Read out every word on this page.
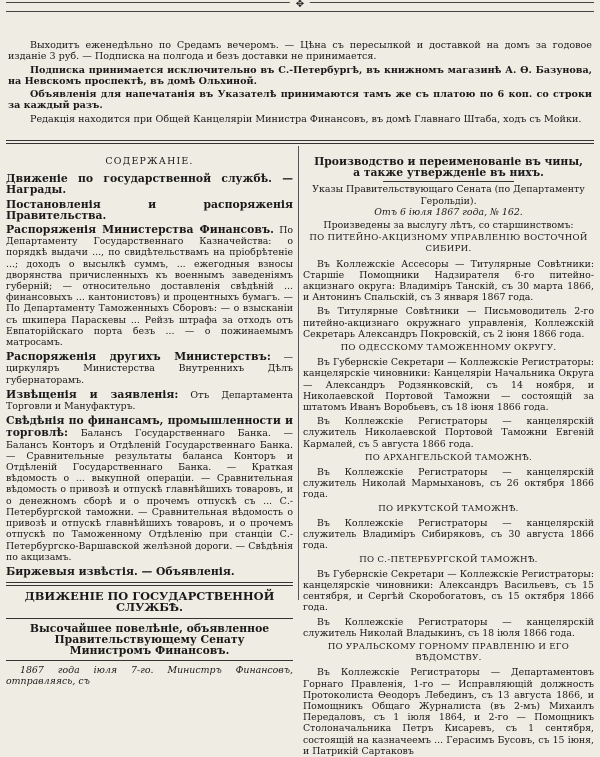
✥

Выходитъ еженедѣльно по Средамъ вечеромъ. — Цѣна съ пересылкой и доставкой на домъ за годовое изданіе 3 руб. — Подписка на полгода и безъ доставки не принимается.

Подписка принимается исключительно въ С.-Петербургѣ, въ книжномъ магазинѣ А. Ѳ. Базунова, на Невскомъ проспектѣ, въ домѣ Ольхиной.

Объявленія для напечатанія въ Указателѣ принимаются тамъ же съ платою по 6 коп. со строки за каждый разъ.

Редакція находится при Общей Канцеляріи Министра Финансовъ, въ домѣ Главнаго Штаба, ходъ съ Мойки.

СОДЕРЖАНІЕ.
Движеніе по государственной службѣ. — Награды.
Постановленія и распоряженія Правительства.
Распоряженія Министерства Финансовъ. По Департаменту Государственнаго Казначейства: о порядкѣ выдачи ..., по свидѣтельствамъ на пріобрѣтеніе ...; доходъ о высылкѣ суммъ, ... ежегодныя взносы дворянства причисленныхъ къ военнымъ заведеніямъ губерній; — относительно доставленія свѣдѣній ... финансовыхъ ... кантонистовъ) и процентныхъ бумагъ. — По Департаменту Таможенныхъ Сборовъ: — о взысканіи съ шкипера Параскевы ... Рейзъ штрафа за отходъ отъ Евпаторійскаго порта безъ ... — о пожинаемымъ матросамъ.
Распоряженія другихъ Министерствъ: — циркуляръ Министерства Внутреннихъ Дѣлъ губернаторамъ.
Извѣщенія и заявленія: Отъ Департамента Торговли и Мануфактуръ.
Свѣдѣнія по финансамъ, промышленности и торговлѣ: Балансъ Государственнаго Банка. — Балансъ Конторъ и Отдѣленій Государственнаго Банка. — Сравнительные результаты баланса Конторъ и Отдѣленій Государственнаго Банка. — Краткая вѣдомость о ... выкупной операціи. — Сравнительная вѣдомость о привозѣ и отпускѣ главнѣйшихъ товаровъ, и о денежномъ сборѣ и о прочемъ отпускѣ съ ... С.-Петербургской таможни. — Сравнительная вѣдомость о привозѣ и отпускѣ главнѣйшихъ товаровъ, и о прочемъ отпускѣ по Таможенному Отдѣленію при станціи С.-Петербургско-Варшавской желѣзной дороги. — Свѣдѣнія по акцизамъ.
Биржевыя извѣстія. — Объявленія.
ДВИЖЕНІЕ ПО ГОСУДАРСТВЕННОЙ СЛУЖБѢ.
Высочайшее повелѣніе, объявленное Правительствующему Сенату Министромъ Финансовъ.
1867 года іюля 7-го. Министръ Финансовъ, отправляясь, съ
Производство и переименованіе въ чины, а также утвержденіе въ нихъ.
Указы Правительствующаго Сената (по Департаменту Герольдіи).
Отъ 6 іюля 1867 года, № 162.
Произведены за выслугу лѣтъ, со старшинствомъ:
ПО ПИТЕЙНО-АКЦИЗНОМУ УПРАВЛЕНІЮ ВОСТОЧНОЙ СИБИРИ.
Въ Коллежскіе Ассесоры — Титулярные Совѣтники: Старшіе Помощники Надзирателя 6-го питейно-акцизнаго округа: Владиміръ Танскій, съ 30 марта 1866, и Антонинъ Спальскій, съ 3 января 1867 года.
Въ Титулярные Совѣтники — Письмоводитель 2-го питейно-акцизнаго окружнаго управленія, Коллежскій Секретарь Александръ Покровскій, съ 2 іюня 1866 года.
ПО ОДЕССКОМУ ТАМОЖЕННОМУ ОКРУГУ.
Въ Губернскіе Секретари — Коллежскіе Регистраторы: канцелярскіе чиновники: Канцеляріи Начальника Округа — Александръ Родзянковскій, съ 14 ноября, и Николаевской Портовой Таможни — состоящій за штатомъ Иванъ Воробьевъ, съ 18 іюня 1866 года.
Въ Коллежскіе Регистраторы — канцелярскій служитель Николаевской Портовой Таможни Евгеній Кармалей, съ 5 августа 1866 года.
ПО АРХАНГЕЛЬСКОЙ ТАМОЖНѢ.
Въ Коллежскіе Регистраторы — канцелярскій служитель Николай Мармыхановъ, съ 26 октября 1866 года.
ПО ИРКУТСКОЙ ТАМОЖНѢ.
Въ Коллежскіе Регистраторы — канцелярскій служитель Владиміръ Сибиряковъ, съ 30 августа 1866 года.
ПО С.-ПЕТЕРБУРГСКОЙ ТАМОЖНѢ.
Въ Губернскіе Секретари — Коллежскіе Регистраторы: канцелярскіе чиновники: Александръ Васильевъ, съ 15 сентября, и Сергѣй Скоробогатовъ, съ 15 октября 1866 года.
Въ Коллежскіе Регистраторы — канцелярскій служитель Николай Владыкинъ, съ 18 іюля 1866 года.
ПО УРАЛЬСКОМУ ГОРНОМУ ПРАВЛЕНІЮ И ЕГО ВѢДОМСТВУ.
Въ Коллежскіе Регистраторы — Департаментовъ Горнаго Правленія, 1-го — Исправляющій должность Протоколиста Ѳеодоръ Лебединъ, съ 13 августа 1866, и Помощникъ Общаго Журналиста (въ 2-мъ) Михаилъ Передаловъ, съ 1 іюля 1864, и 2-го — Помощникъ Столоначальника Петръ Кисаревъ, съ 1 сентября, состоящій на казначеемъ ... Герасимъ Бусовъ, съ 15 іюня, и Патрикій Сартаковъ
